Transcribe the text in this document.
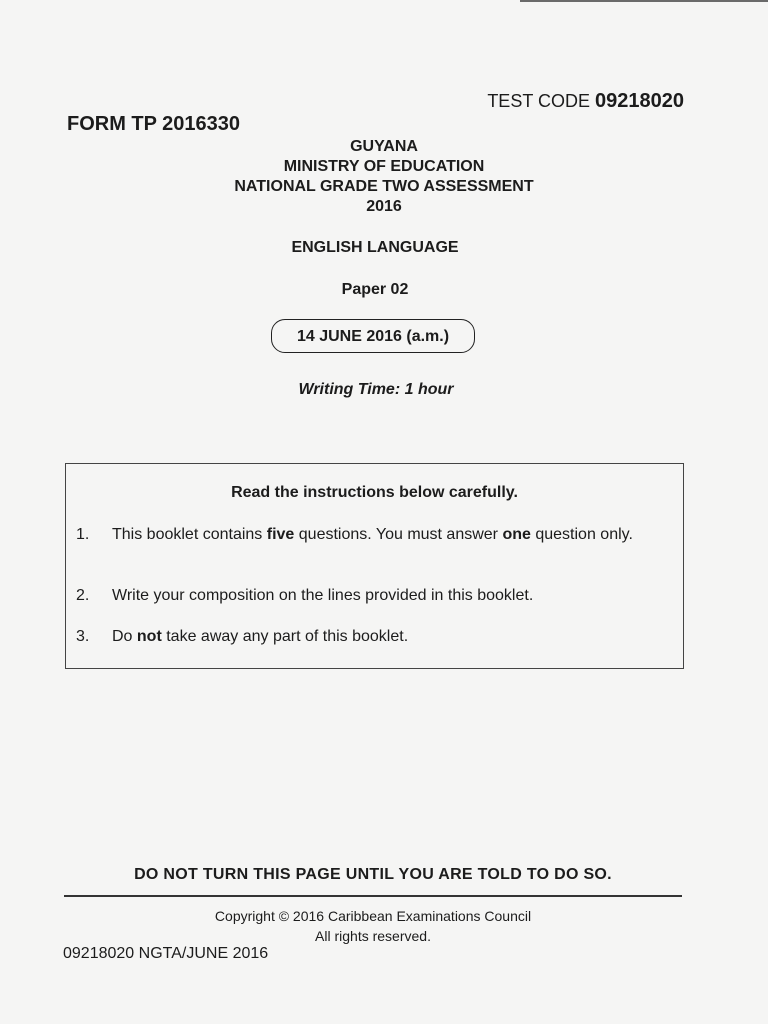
TEST CODE 09218020
FORM TP 2016330
GUYANA
MINISTRY OF EDUCATION
NATIONAL GRADE TWO ASSESSMENT
2016
ENGLISH LANGUAGE
Paper 02
14 JUNE 2016 (a.m.)
Writing Time: 1 hour
Read the instructions below carefully.
1.	This booklet contains five questions. You must answer one question only.
2.	Write your composition on the lines provided in this booklet.
3.	Do not take away any part of this booklet.
DO NOT TURN THIS PAGE UNTIL YOU ARE TOLD TO DO SO.
Copyright © 2016 Caribbean Examinations Council
All rights reserved.
09218020 NGTA/JUNE 2016
